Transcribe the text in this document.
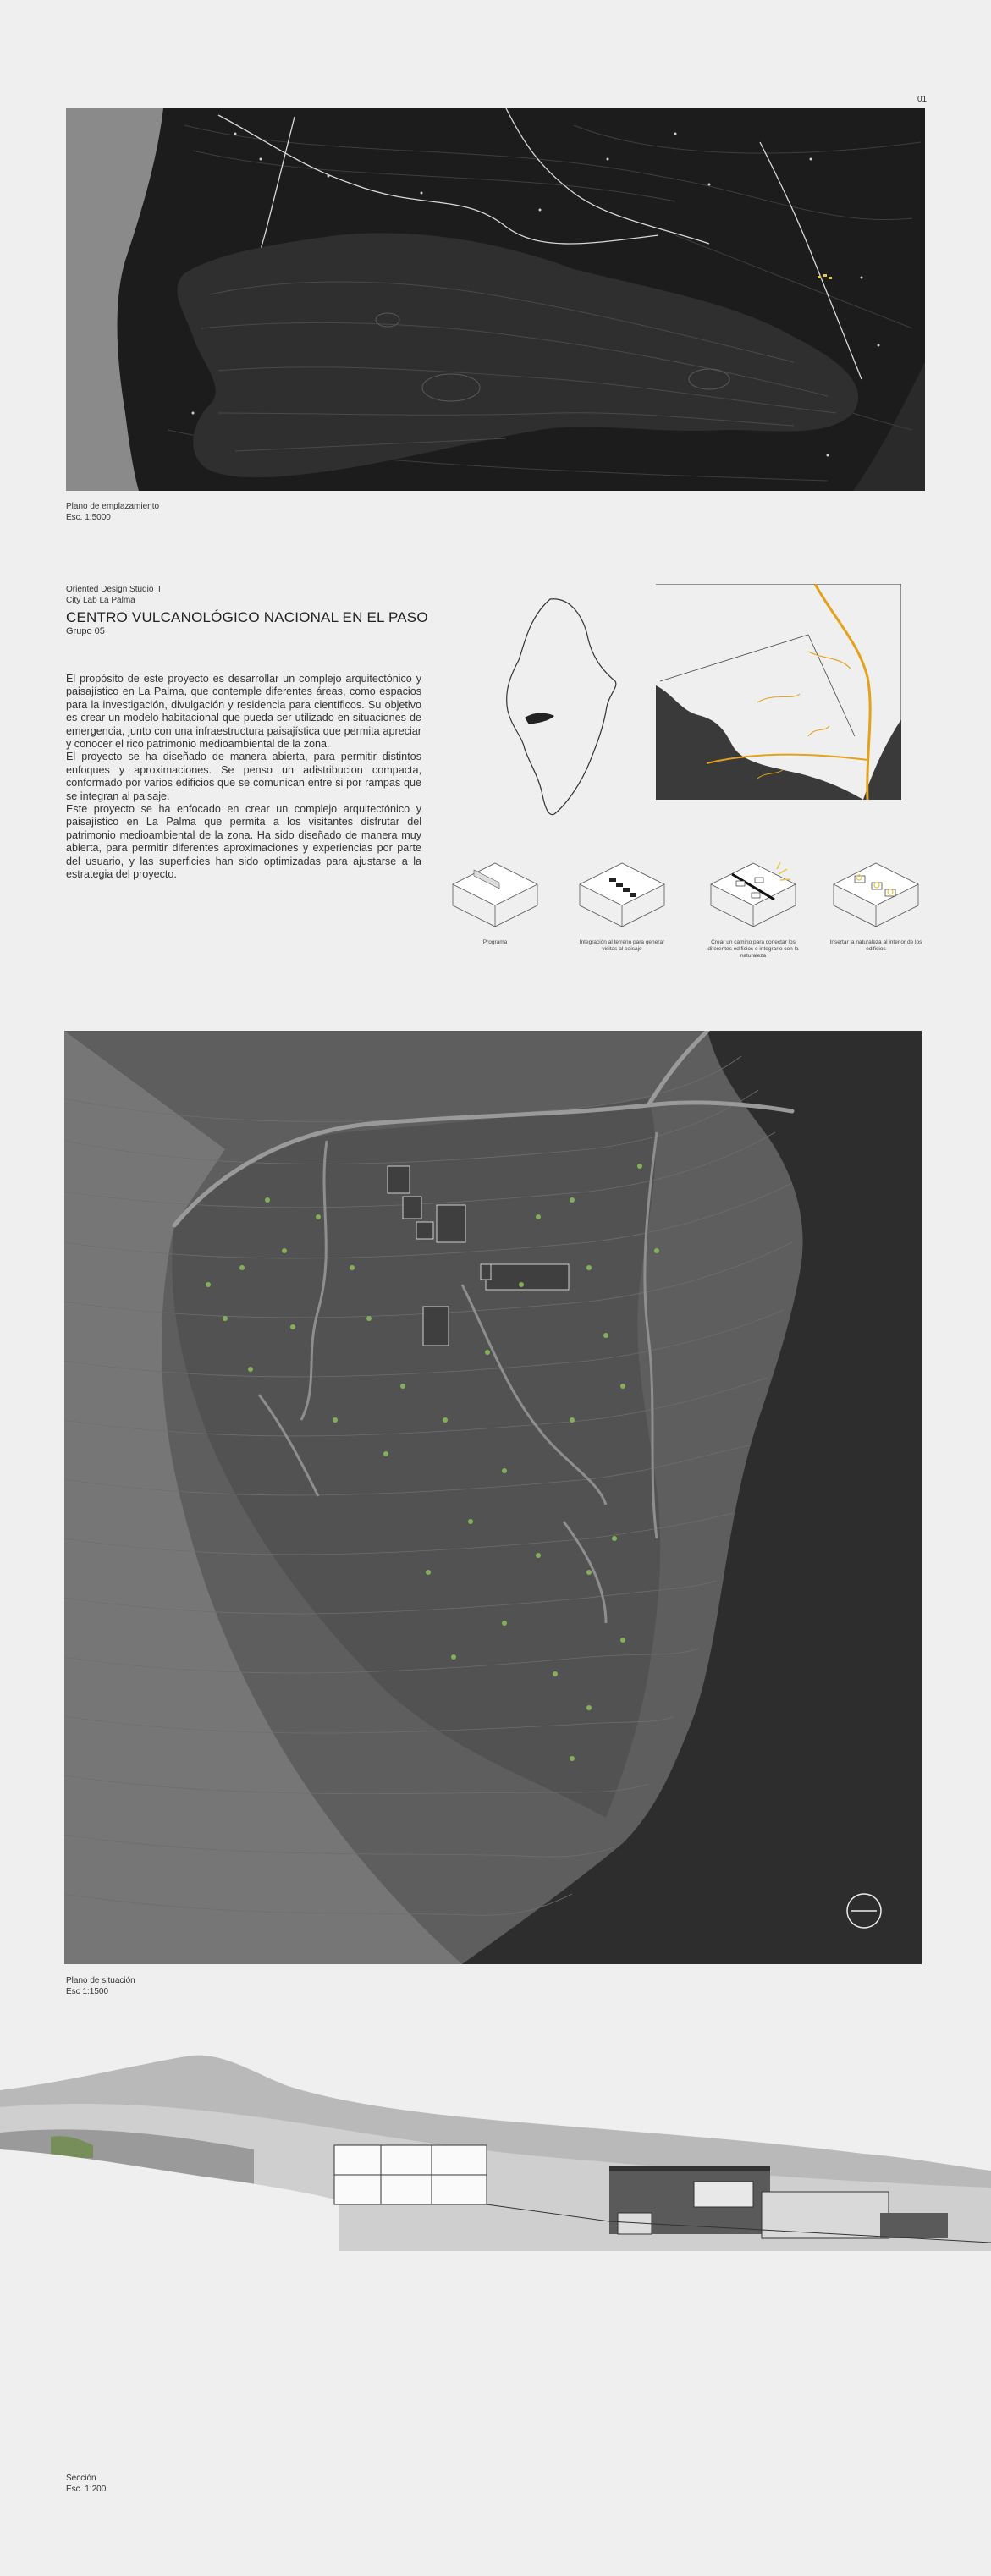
01
Plano de emplazamiento
Esc. 1:5000
Oriented Design Studio II
City Lab La Palma
CENTRO VULCANOLÓGICO NACIONAL EN EL PASO
Grupo 05

El propósito de este proyecto es desarrollar un complejo arquitectónico y paisajístico en La Palma, que contemple diferentes áreas, como espacios para la investigación, divulgación y residencia para científicos. Su objetivo es crear un modelo habitacional que pueda ser utilizado en situaciones de emergencia, junto con una infraestructura paisajística que permita apreciar y conocer el rico patrimonio medioambiental de la zona.

El proyecto se ha diseñado de manera abierta, para permitir distintos enfoques y aproximaciones. Se penso un adistribucion compacta, conformado por varios edificios que se comunican entre si por rampas que se integran al paisaje.

Este proyecto se ha enfocado en crear un complejo arquitectónico y paisajístico en La Palma que permita a los visitantes disfrutar del patrimonio medioambiental de la zona. Ha sido diseñado de manera muy abierta, para permitir diferentes aproximaciones y experiencias por parte del usuario, y las superficies han sido optimizadas para ajustarse a la estrategia del proyecto.

Programa	Integración al terreno para generar visitas al paisaje
Crear un camino para conectar los diferentes edificios e integrarlo con la naturaleza
Insertar la naturaleza al interior de los edificios
Plano de situación
Esc 1:1500
Sección
Esc. 1:200
